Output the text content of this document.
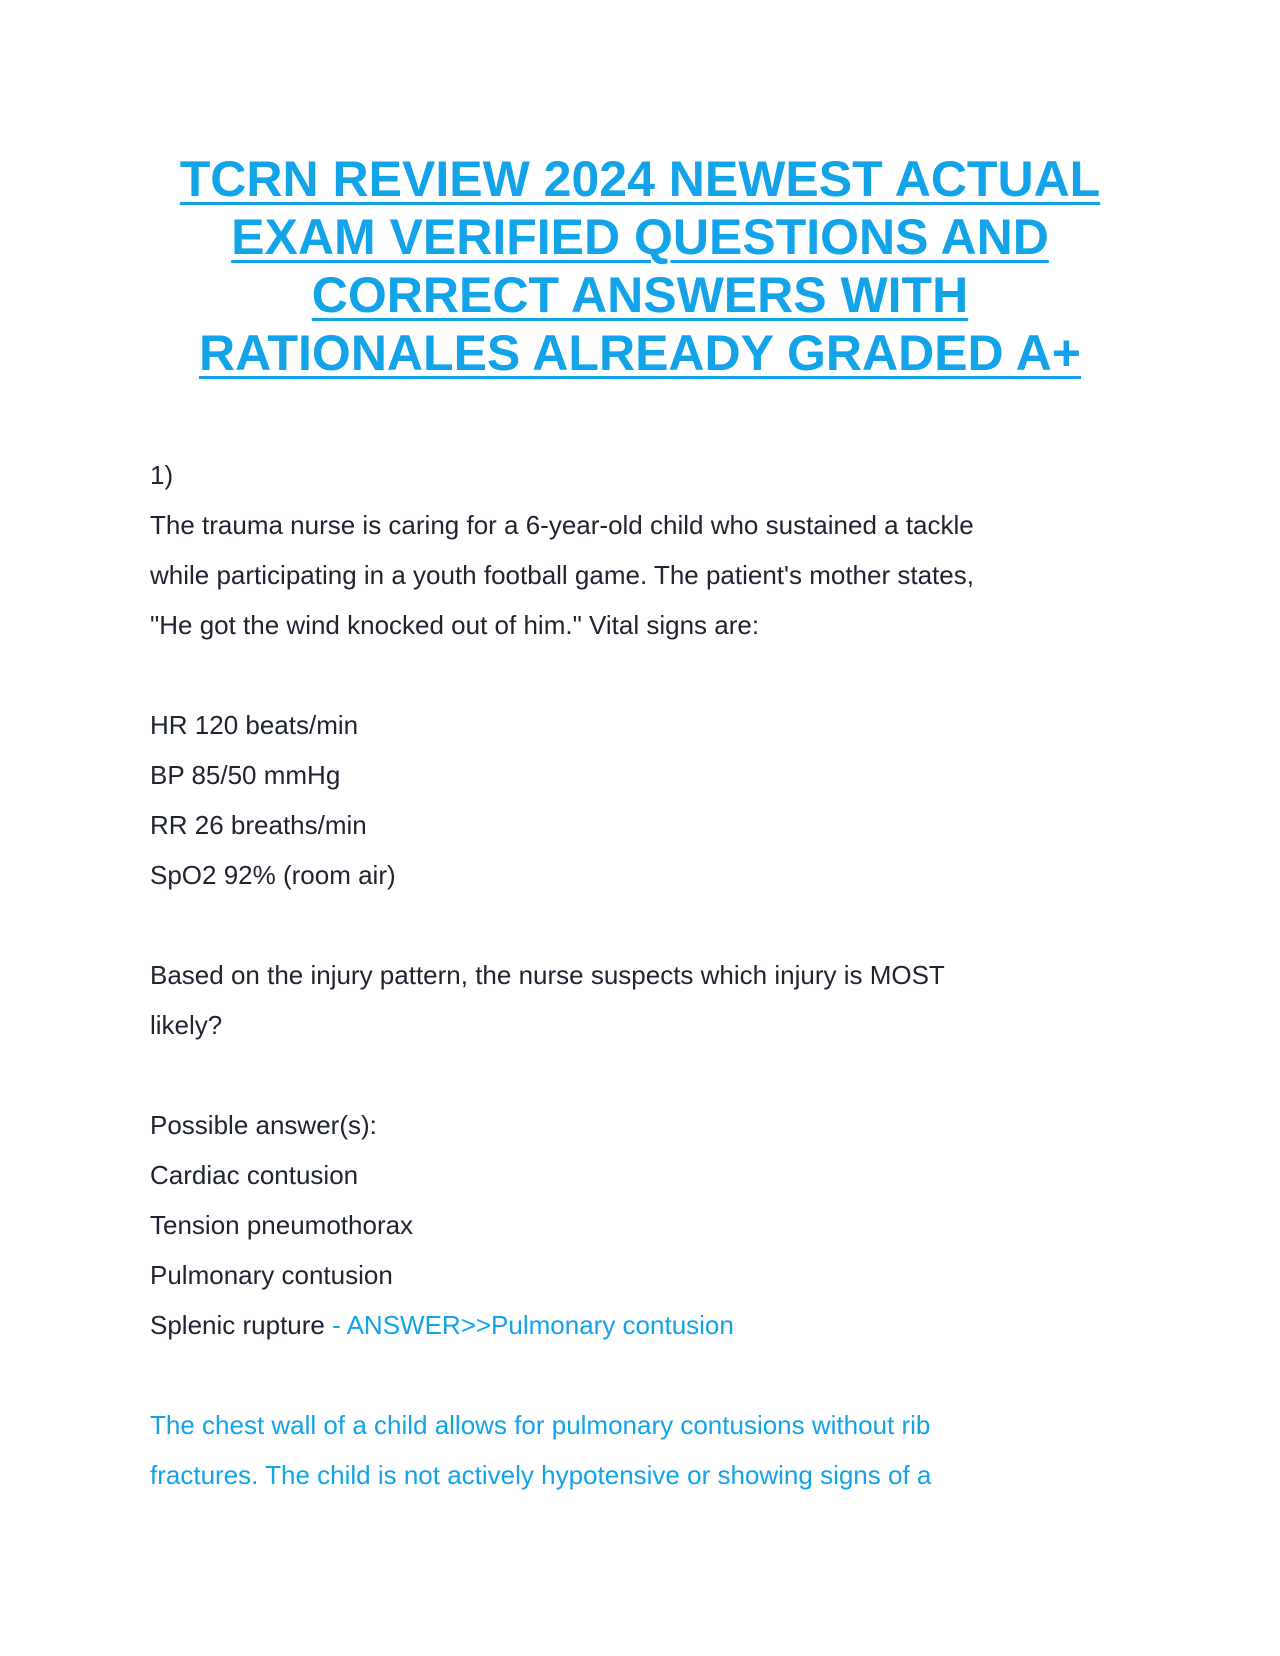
TCRN REVIEW 2024 NEWEST ACTUAL
EXAM VERIFIED QUESTIONS AND
CORRECT ANSWERS WITH
RATIONALES ALREADY GRADED A+

1)

The trauma nurse is caring for a 6-year-old child who sustained a tackle

while participating in a youth football game. The patient's mother states,

"He got the wind knocked out of him." Vital signs are:

HR 120 beats/min

BP 85/50 mmHg

RR 26 breaths/min

SpO2 92% (room air)

Based on the injury pattern, the nurse suspects which injury is MOST

likely?

Possible answer(s):

Cardiac contusion

Tension pneumothorax

Pulmonary contusion

Splenic rupture - ANSWER>>Pulmonary contusion

The chest wall of a child allows for pulmonary contusions without rib

fractures. The child is not actively hypotensive or showing signs of a
